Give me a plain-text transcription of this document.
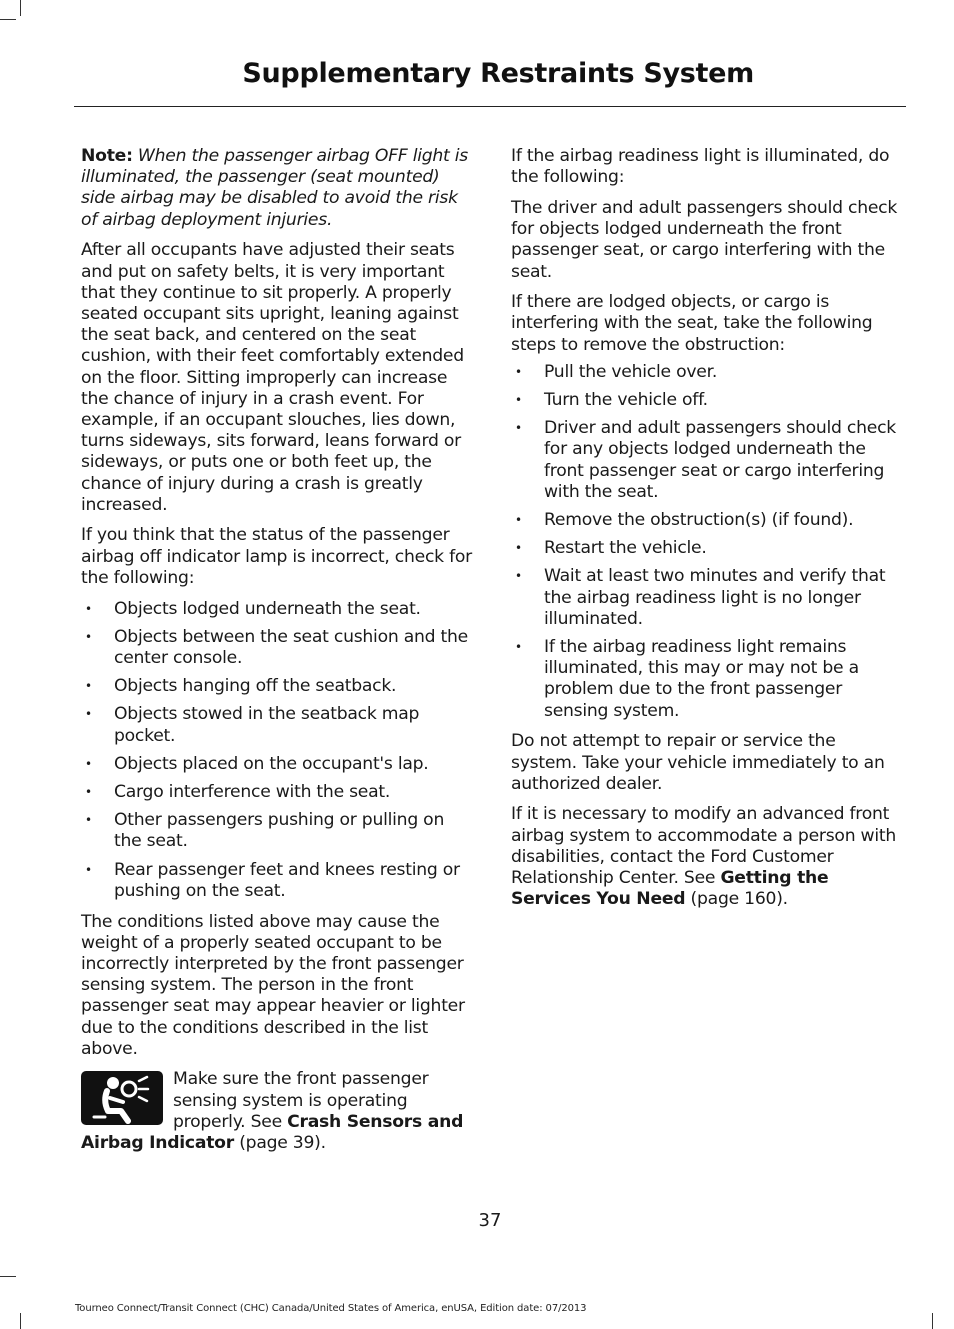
Supplementary Restraints System

Note: When the passenger airbag OFF light is illuminated, the passenger (seat mounted) side airbag may be disabled to avoid the risk of airbag deployment injuries.

After all occupants have adjusted their seats and put on safety belts, it is very important that they continue to sit properly. A properly seated occupant sits upright, leaning against the seat back, and centered on the seat cushion, with their feet comfortably extended on the floor. Sitting improperly can increase the chance of injury in a crash event. For example, if an occupant slouches, lies down, turns sideways, sits forward, leans forward or sideways, or puts one or both feet up, the chance of injury during a crash is greatly increased.

If you think that the status of the passenger airbag off indicator lamp is incorrect, check for the following:

• Objects lodged underneath the seat.
• Objects between the seat cushion and the center console.
• Objects hanging off the seatback.
• Objects stowed in the seatback map pocket.
• Objects placed on the occupant's lap.
• Cargo interference with the seat.
• Other passengers pushing or pulling on the seat.
• Rear passenger feet and knees resting or pushing on the seat.

The conditions listed above may cause the weight of a properly seated occupant to be incorrectly interpreted by the front passenger sensing system. The person in the front passenger seat may appear heavier or lighter due to the conditions described in the list above.

Make sure the front passenger sensing system is operating properly. See Crash Sensors and Airbag Indicator (page 39).

If the airbag readiness light is illuminated, do the following:

The driver and adult passengers should check for objects lodged underneath the front passenger seat, or cargo interfering with the seat.

If there are lodged objects, or cargo is interfering with the seat, take the following steps to remove the obstruction:

• Pull the vehicle over.
• Turn the vehicle off.
• Driver and adult passengers should check for any objects lodged underneath the front passenger seat or cargo interfering with the seat.
• Remove the obstruction(s) (if found).
• Restart the vehicle.
• Wait at least two minutes and verify that the airbag readiness light is no longer illuminated.
• If the airbag readiness light remains illuminated, this may or may not be a problem due to the front passenger sensing system.

Do not attempt to repair or service the system. Take your vehicle immediately to an authorized dealer.

If it is necessary to modify an advanced front airbag system to accommodate a person with disabilities, contact the Ford Customer Relationship Center. See Getting the Services You Need (page 160).

37
Tourneo Connect/Transit Connect (CHC) Canada/United States of America, enUSA, Edition date: 07/2013
